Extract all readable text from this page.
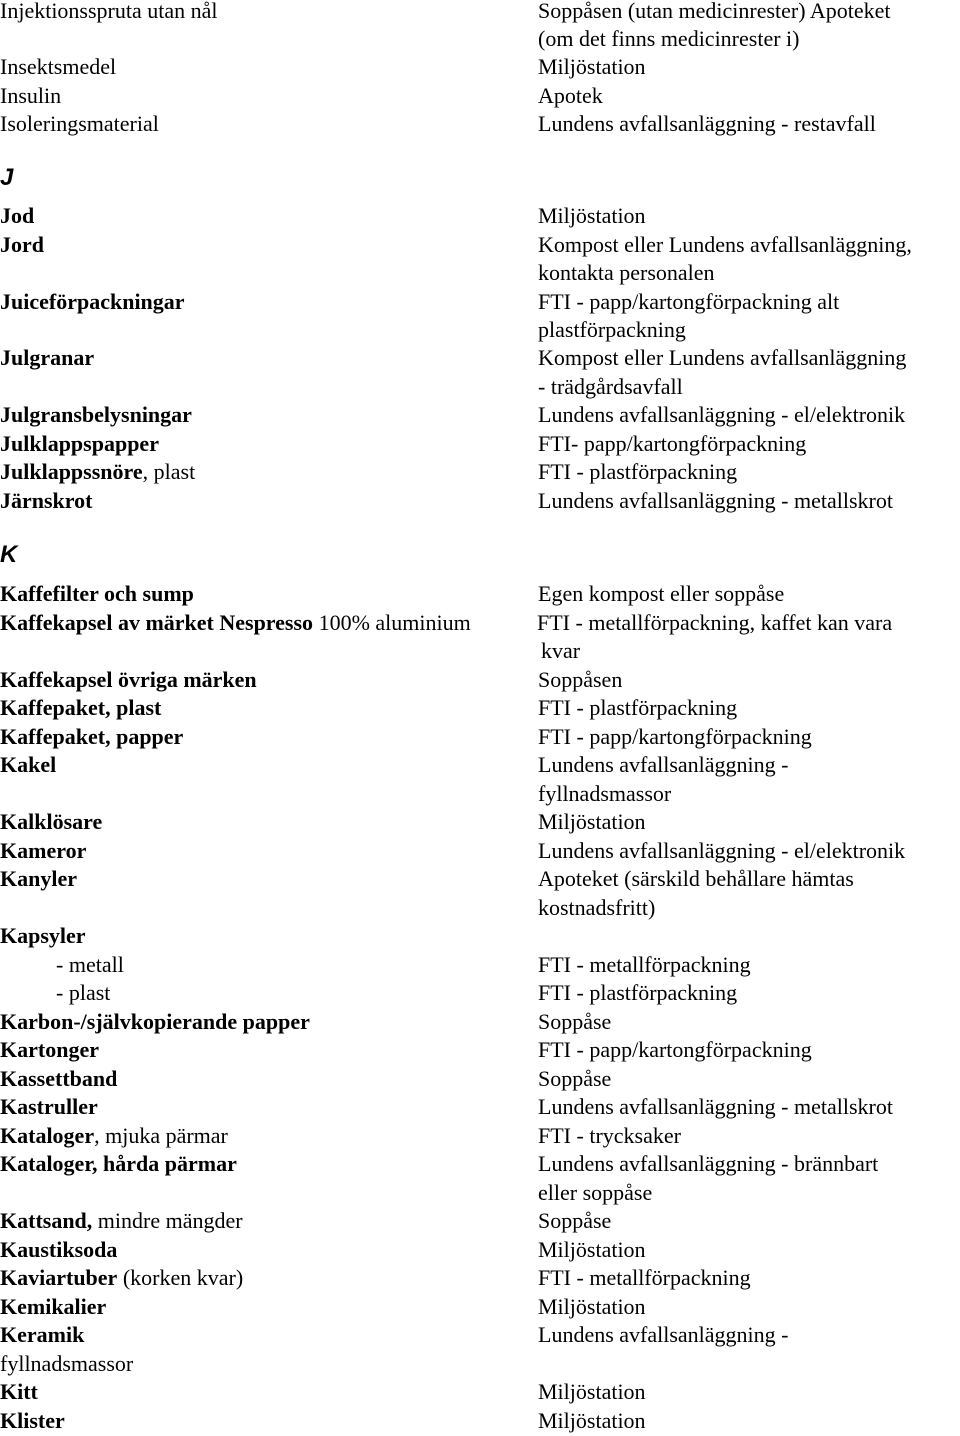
Injektionsspruta utan nål	Soppåsen (utan medicinrester) Apoteket
(om det finns medicinrester i)
Insektsmedel	Miljöstation
Insulin	Apotek
Isoleringsmaterial	Lundens avfallsanläggning - restavfall
J
Jod	Miljöstation
Jord	Kompost eller Lundens avfallsanläggning,
kontakta personalen
Juiceförpackningar	FTI - papp/kartongförpackning alt
plastförpackning
Julgranar	Kompost eller Lundens avfallsanläggning
- trädgårdsavfall
Julgransbelysningar	Lundens avfallsanläggning - el/elektronik
Julklappspapper	FTI- papp/kartongförpackning
Julklappssnöre, plast	FTI - plastförpackning
Järnskrot	Lundens avfallsanläggning - metallskrot
K
Kaffefilter och sump	Egen kompost eller soppåse
Kaffekapsel av märket Nespresso 100% aluminium	FTI - metallförpackning, kaffet kan vara
kvar
Kaffekapsel övriga märken	Soppåsen
Kaffepaket, plast	FTI - plastförpackning
Kaffepaket, papper	FTI - papp/kartongförpackning
Kakel	Lundens avfallsanläggning -
fyllnadsmassor
Kalklösare	Miljöstation
Kameror	Lundens avfallsanläggning - el/elektronik
Kanyler	Apoteket (särskild behållare hämtas
kostnadsfritt)
Kapsyler
- metall	FTI - metallförpackning
- plast	FTI - plastförpackning
Karbon-/självkopierande papper	Soppåse
Kartonger	FTI - papp/kartongförpackning
Kassettband	Soppåse
Kastruller	Lundens avfallsanläggning - metallskrot
Kataloger, mjuka pärmar	FTI - trycksaker
Kataloger, hårda pärmar	Lundens avfallsanläggning - brännbart
eller soppåse
Kattsand, mindre mängder	Soppåse
Kaustiksoda	Miljöstation
Kaviartuber (korken kvar)	FTI - metallförpackning
Kemikalier	Miljöstation
Keramik	Lundens avfallsanläggning -
fyllnadsmassor
Kitt	Miljöstation
Klister	Miljöstation
